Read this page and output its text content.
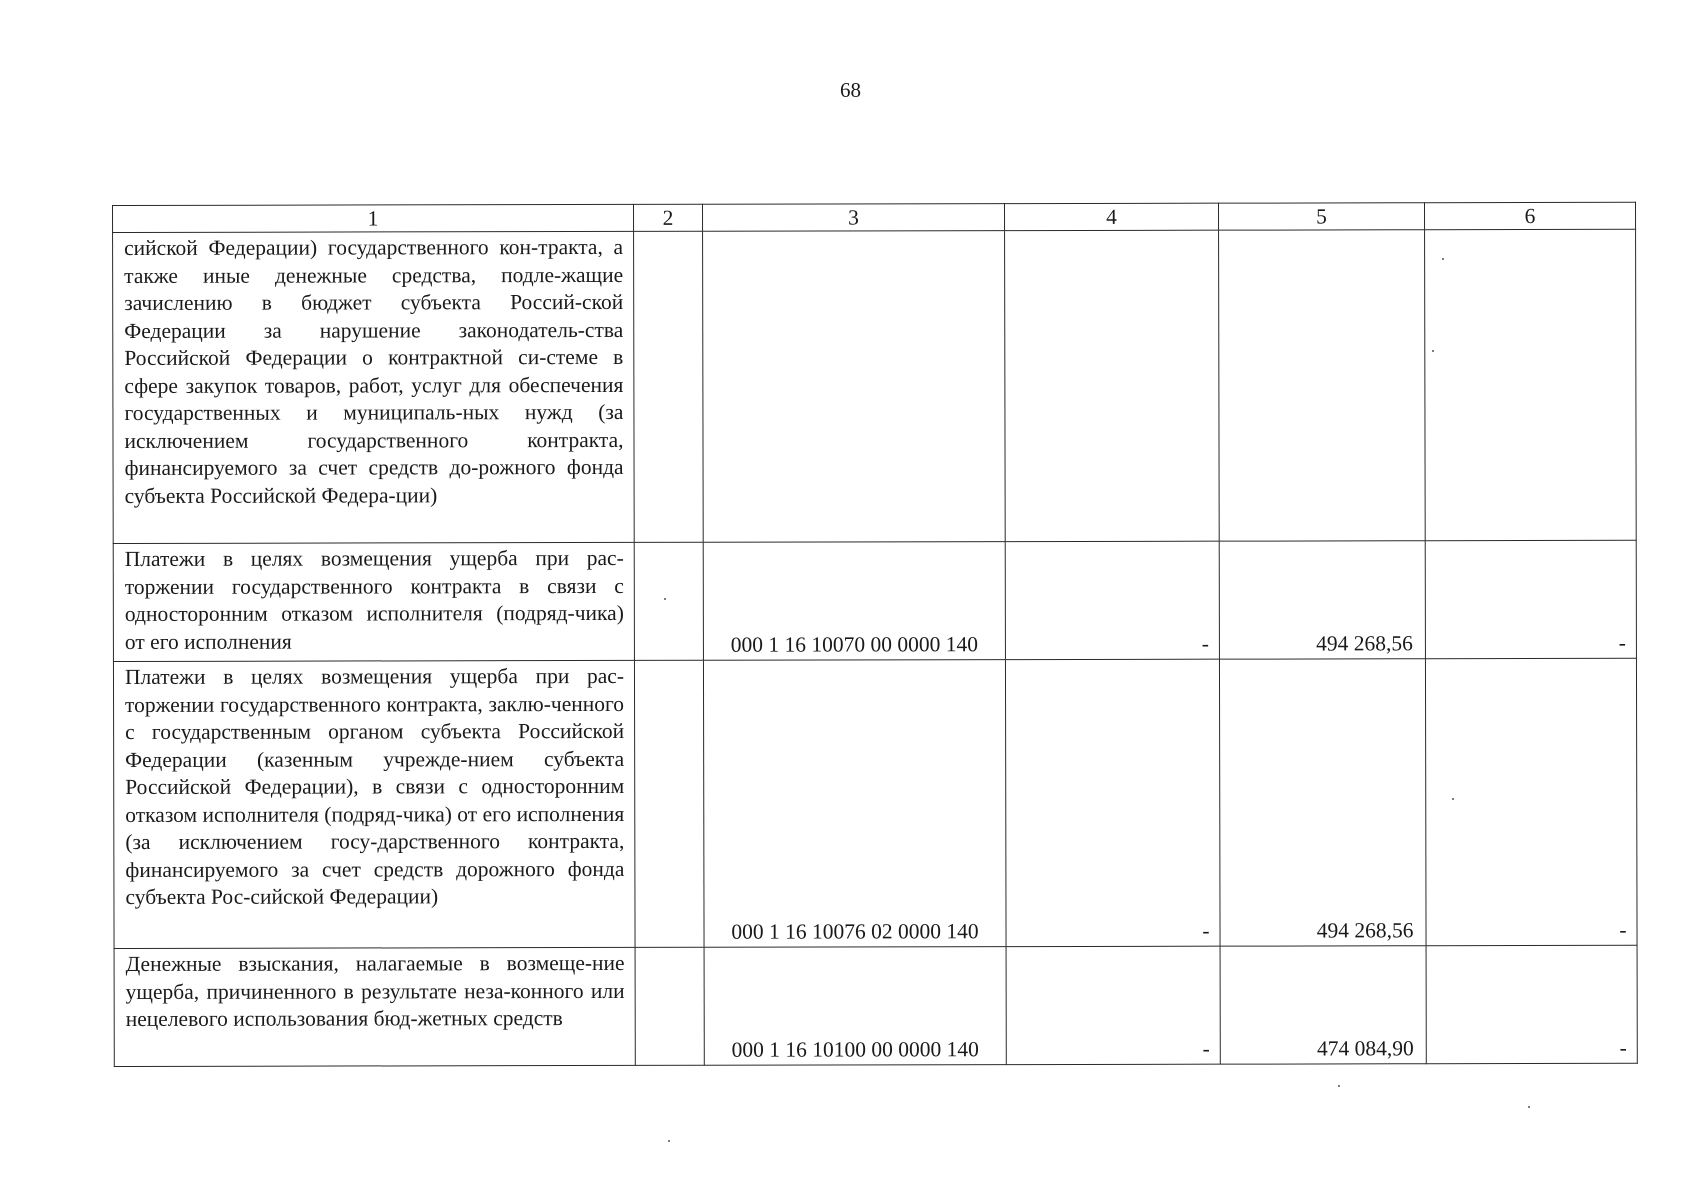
68
1	2	3	4	5	6
сийской Федерации) государственного кон-тракта, а также иные денежные средства, подле-жащие зачислению в бюджет субъекта Россий-ской Федерации за нарушение законодатель-ства Российской Федерации о контрактной си-стеме в сфере закупок товаров, работ, услуг для обеспечения государственных и муниципаль-ных нужд (за исключением государственного контракта, финансируемого за счет средств до-рожного фонда субъекта Российской Федера-ции)					
Платежи в целях возмещения ущерба при рас-торжении государственного контракта в связи с односторонним отказом исполнителя (подряд-чика) от его исполнения		000 1 16 10070 00 0000 140	-	494 268,56	-
Платежи в целях возмещения ущерба при рас-торжении государственного контракта, заклю-ченного с государственным органом субъекта Российской Федерации (казенным учрежде-нием субъекта Российской Федерации), в связи с односторонним отказом исполнителя (подряд-чика) от его исполнения (за исключением госу-дарственного контракта, финансируемого за счет средств дорожного фонда субъекта Рос-сийской Федерации)		000 1 16 10076 02 0000 140	-	494 268,56	-
Денежные взыскания, налагаемые в возмеще-ние ущерба, причиненного в результате неза-конного или нецелевого использования бюд-жетных средств		000 1 16 10100 00 0000 140	-	474 084,90	-
